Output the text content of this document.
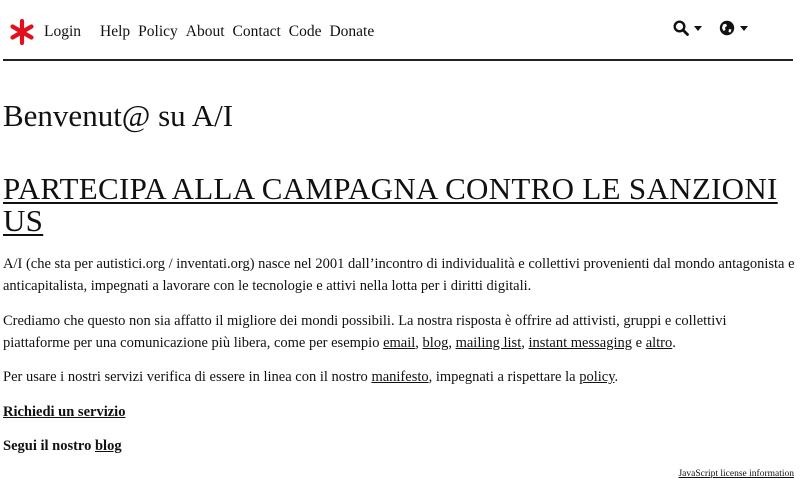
Login Help Policy About Contact Code Donate
Benvenut@ su A/I
PARTECIPA ALLA CAMPAGNA CONTRO LE SANZIONI US

A/I (che sta per autistici.org / inventati.org) nasce nel 2001 dall’incontro di individualità e collettivi provenienti dal mondo antagonista e anticapitalista, impegnati a lavorare con le tecnologie e attivi nella lotta per i diritti digitali.

Crediamo che questo non sia affatto il migliore dei mondi possibili. La nostra risposta è offrire ad attivisti, gruppi e collettivi piattaforme per una comunicazione più libera, come per esempio email, blog, mailing list, instant messaging e altro.

Per usare i nostri servizi verifica di essere in linea con il nostro manifesto, impegnati a rispettare la policy.

Richiedi un servizio

Segui il nostro blog

JavaScript license information
